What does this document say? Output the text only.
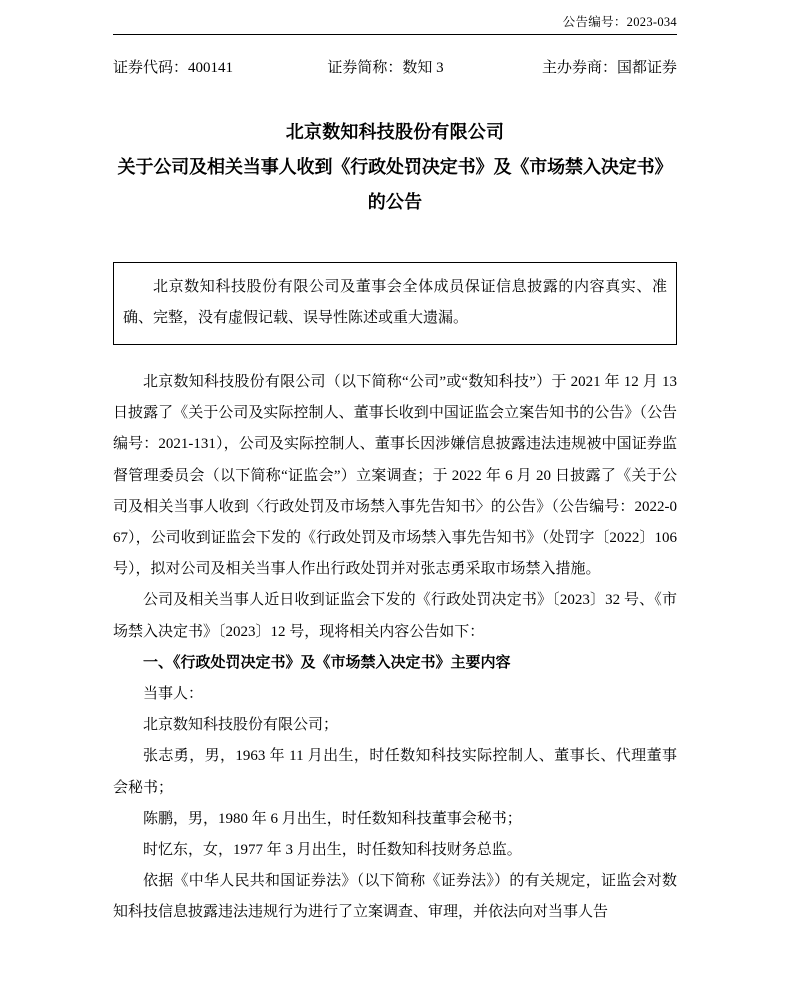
公告编号：2023-034
证券代码：400141	证券简称：数知 3	主办券商：国都证券
北京数知科技股份有限公司
关于公司及相关当事人收到《行政处罚决定书》及《市场禁入决定书》
的公告

北京数知科技股份有限公司及董事会全体成员保证信息披露的内容真实、准确、完整，没有虚假记载、误导性陈述或重大遗漏。

北京数知科技股份有限公司（以下简称“公司”或“数知科技”）于 2021 年 12 月 13 日披露了《关于公司及实际控制人、董事长收到中国证监会立案告知书的公告》（公告编号：2021-131），公司及实际控制人、董事长因涉嫌信息披露违法违规被中国证券监督管理委员会（以下简称“证监会”）立案调查；于 2022 年 6 月 20 日披露了《关于公司及相关当事人收到〈行政处罚及市场禁入事先告知书〉的公告》（公告编号：2022-067），公司收到证监会下发的《行政处罚及市场禁入事先告知书》（处罚字〔2022〕106 号），拟对公司及相关当事人作出行政处罚并对张志勇采取市场禁入措施。

公司及相关当事人近日收到证监会下发的《行政处罚决定书》〔2023〕32 号、《市场禁入决定书》〔2023〕12 号，现将相关内容公告如下：

一、《行政处罚决定书》及《市场禁入决定书》主要内容

当事人：

北京数知科技股份有限公司；

张志勇，男，1963 年 11 月出生，时任数知科技实际控制人、董事长、代理董事会秘书；

陈鹏，男，1980 年 6 月出生，时任数知科技董事会秘书；

时忆东，女，1977 年 3 月出生，时任数知科技财务总监。

依据《中华人民共和国证券法》（以下简称《证券法》）的有关规定，证监会对数知科技信息披露违法违规行为进行了立案调查、审理，并依法向对当事人告
